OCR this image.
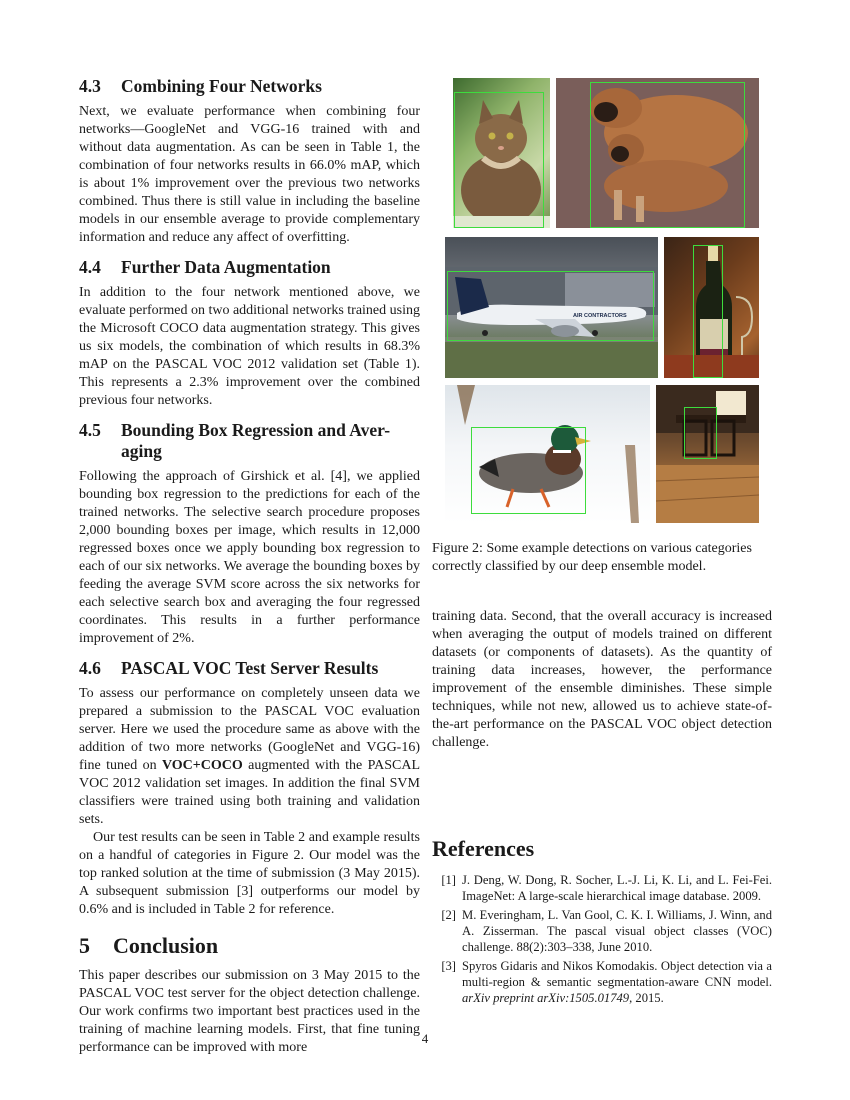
4.3 Combining Four Networks

Next, we evaluate performance when combining four networks—GoogleNet and VGG-16 trained with and without data augmentation. As can be seen in Table 1, the combination of four networks results in 66.0% mAP, which is about 1% improvement over the previous two networks combined. Thus there is still value in including the baseline models in our ensemble average to provide complementary information and reduce any affect of overfitting.

4.4 Further Data Augmentation

In addition to the four network mentioned above, we evaluate performed on two additional networks trained using the Microsoft COCO data augmentation strategy. This gives us six models, the combination of which results in 68.3% mAP on the PASCAL VOC 2012 validation set (Table 1). This represents a 2.3% improvement over the combined previous four networks.

4.5 Bounding Box Regression and Aver-
aging

Following the approach of Girshick et al. [4], we applied bounding box regression to the predictions for each of the trained networks. The selective search procedure proposes 2,000 bounding boxes per image, which results in 12,000 regressed boxes once we apply bounding box regression to each of our six networks. We average the bounding boxes by feeding the average SVM score across the six networks for each selective search box and averaging the four regressed coordinates. This results in a further performance improvement of 2%.

4.6 PASCAL VOC Test Server Results

To assess our performance on completely unseen data we prepared a submission to the PASCAL VOC evaluation server. Here we used the procedure same as above with the addition of two more networks (GoogleNet and VGG-16) fine tuned on VOC+COCO augmented with the PASCAL VOC 2012 validation set images. In addition the final SVM classifiers were trained using both training and validation sets.

Our test results can be seen in Table 2 and example results on a handful of categories in Figure 2. Our model was the top ranked solution at the time of submission (3 May 2015). A subsequent submission [3] outperforms our model by 0.6% and is included in Table 2 for reference.

5 Conclusion

This paper describes our submission on 3 May 2015 to the PASCAL VOC test server for the object detection challenge. Our work confirms two important best practices used in the training of machine learning models. First, that fine tuning performance can be improved with more

AIR CONTRACTORS
Figure 2: Some example detections on various categories correctly classified by our deep ensemble model.

training data. Second, that the overall accuracy is increased when averaging the output of models trained on different datasets (or components of datasets). As the quantity of training data increases, however, the performance improvement of the ensemble diminishes. These simple techniques, while not new, allowed us to achieve state-of-the-art performance on the PASCAL VOC object detection challenge.

References
[1] J. Deng, W. Dong, R. Socher, L.-J. Li, K. Li, and L. Fei-Fei. ImageNet: A large-scale hierarchical image database. 2009.
[2] M. Everingham, L. Van Gool, C. K. I. Williams, J. Winn, and A. Zisserman. The pascal visual object classes (VOC) challenge. 88(2):303–338, June 2010.
[3] Spyros Gidaris and Nikos Komodakis. Object detection via a multi-region & semantic segmentation-aware CNN model. arXiv preprint arXiv:1505.01749, 2015.
4
